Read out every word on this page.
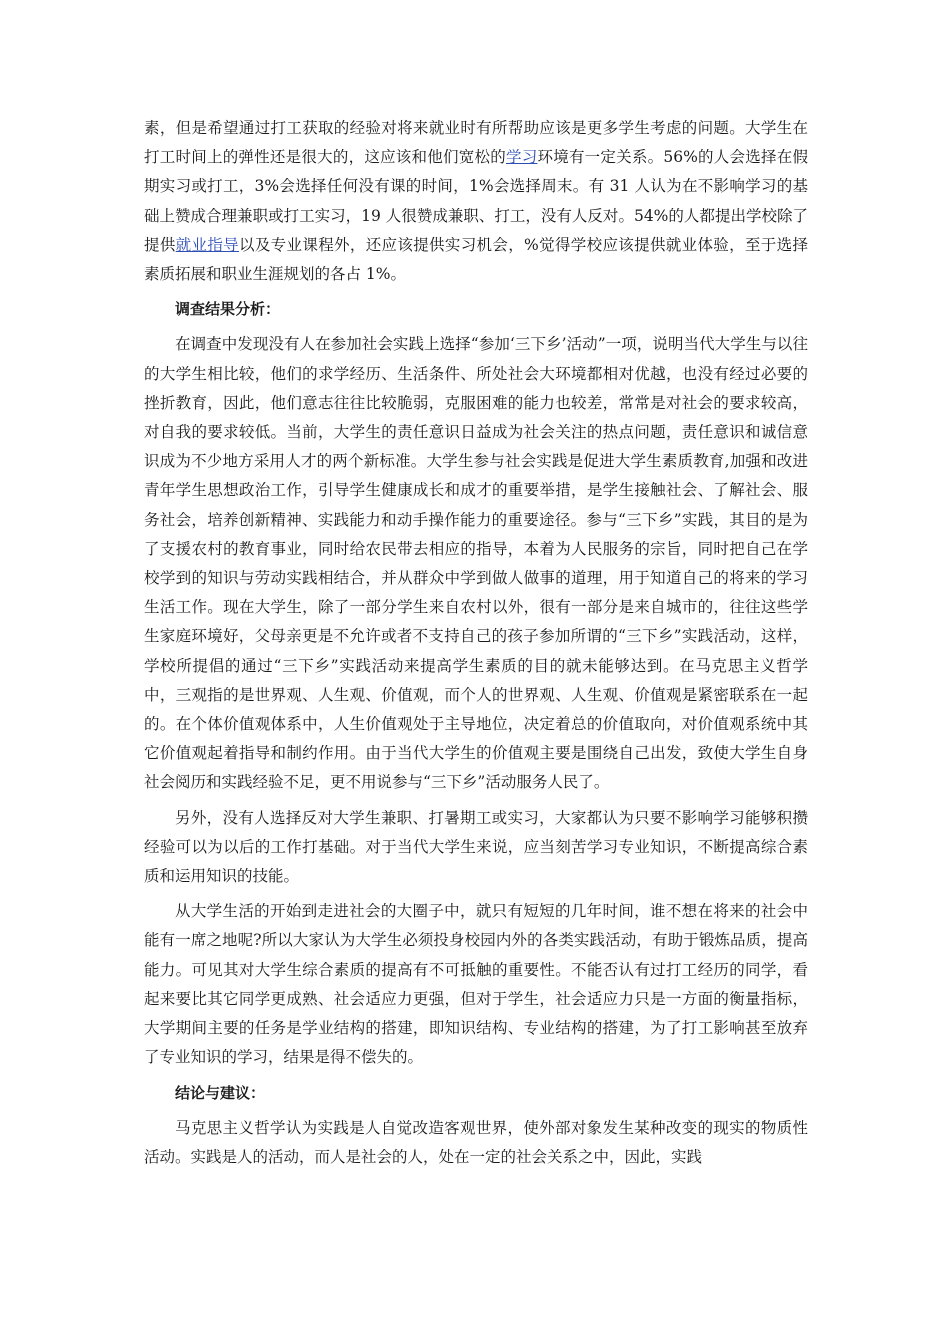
素，但是希望通过打工获取的经验对将来就业时有所帮助应该是更多学生考虑的问题。大学生在打工时间上的弹性还是很大的，这应该和他们宽松的学习环境有一定关系。56%的人会选择在假期实习或打工，3%会选择任何没有课的时间，1%会选择周末。有 31 人认为在不影响学习的基础上赞成合理兼职或打工实习，19 人很赞成兼职、打工，没有人反对。54%的人都提出学校除了提供就业指导以及专业课程外，还应该提供实习机会，%觉得学校应该提供就业体验，至于选择素质拓展和职业生涯规划的各占 1%。

调查结果分析：

在调查中发现没有人在参加社会实践上选择“参加‘三下乡’活动”一项，说明当代大学生与以往的大学生相比较，他们的求学经历、生活条件、所处社会大环境都相对优越，也没有经过必要的挫折教育，因此，他们意志往往比较脆弱，克服困难的能力也较差，常常是对社会的要求较高，对自我的要求较低。当前，大学生的责任意识日益成为社会关注的热点问题，责任意识和诚信意识成为不少地方采用人才的两个新标准。大学生参与社会实践是促进大学生素质教育,加强和改进青年学生思想政治工作，引导学生健康成长和成才的重要举措，是学生接触社会、了解社会、服务社会，培养创新精神、实践能力和动手操作能力的重要途径。参与“三下乡”实践，其目的是为了支援农村的教育事业，同时给农民带去相应的指导，本着为人民服务的宗旨，同时把自己在学校学到的知识与劳动实践相结合，并从群众中学到做人做事的道理，用于知道自己的将来的学习生活工作。现在大学生，除了一部分学生来自农村以外，很有一部分是来自城市的，往往这些学生家庭环境好，父母亲更是不允许或者不支持自己的孩子参加所谓的“三下乡”实践活动，这样，学校所提倡的通过“三下乡”实践活动来提高学生素质的目的就未能够达到。在马克思主义哲学中，三观指的是世界观、人生观、价值观，而个人的世界观、人生观、价值观是紧密联系在一起的。在个体价值观体系中，人生价值观处于主导地位，决定着总的价值取向，对价值观系统中其它价值观起着指导和制约作用。由于当代大学生的价值观主要是围绕自己出发，致使大学生自身社会阅历和实践经验不足，更不用说参与“三下乡”活动服务人民了。

另外，没有人选择反对大学生兼职、打暑期工或实习，大家都认为只要不影响学习能够积攒经验可以为以后的工作打基础。对于当代大学生来说，应当刻苦学习专业知识，不断提高综合素质和运用知识的技能。

从大学生活的开始到走进社会的大圈子中，就只有短短的几年时间，谁不想在将来的社会中能有一席之地呢?所以大家认为大学生必须投身校园内外的各类实践活动，有助于锻炼品质，提高能力。可见其对大学生综合素质的提高有不可抵触的重要性。不能否认有过打工经历的同学，看起来要比其它同学更成熟、社会适应力更强，但对于学生，社会适应力只是一方面的衡量指标，大学期间主要的任务是学业结构的搭建，即知识结构、专业结构的搭建，为了打工影响甚至放弃了专业知识的学习，结果是得不偿失的。

结论与建议：

马克思主义哲学认为实践是人自觉改造客观世界，使外部对象发生某种改变的现实的物质性活动。实践是人的活动，而人是社会的人，处在一定的社会关系之中，因此，实践
